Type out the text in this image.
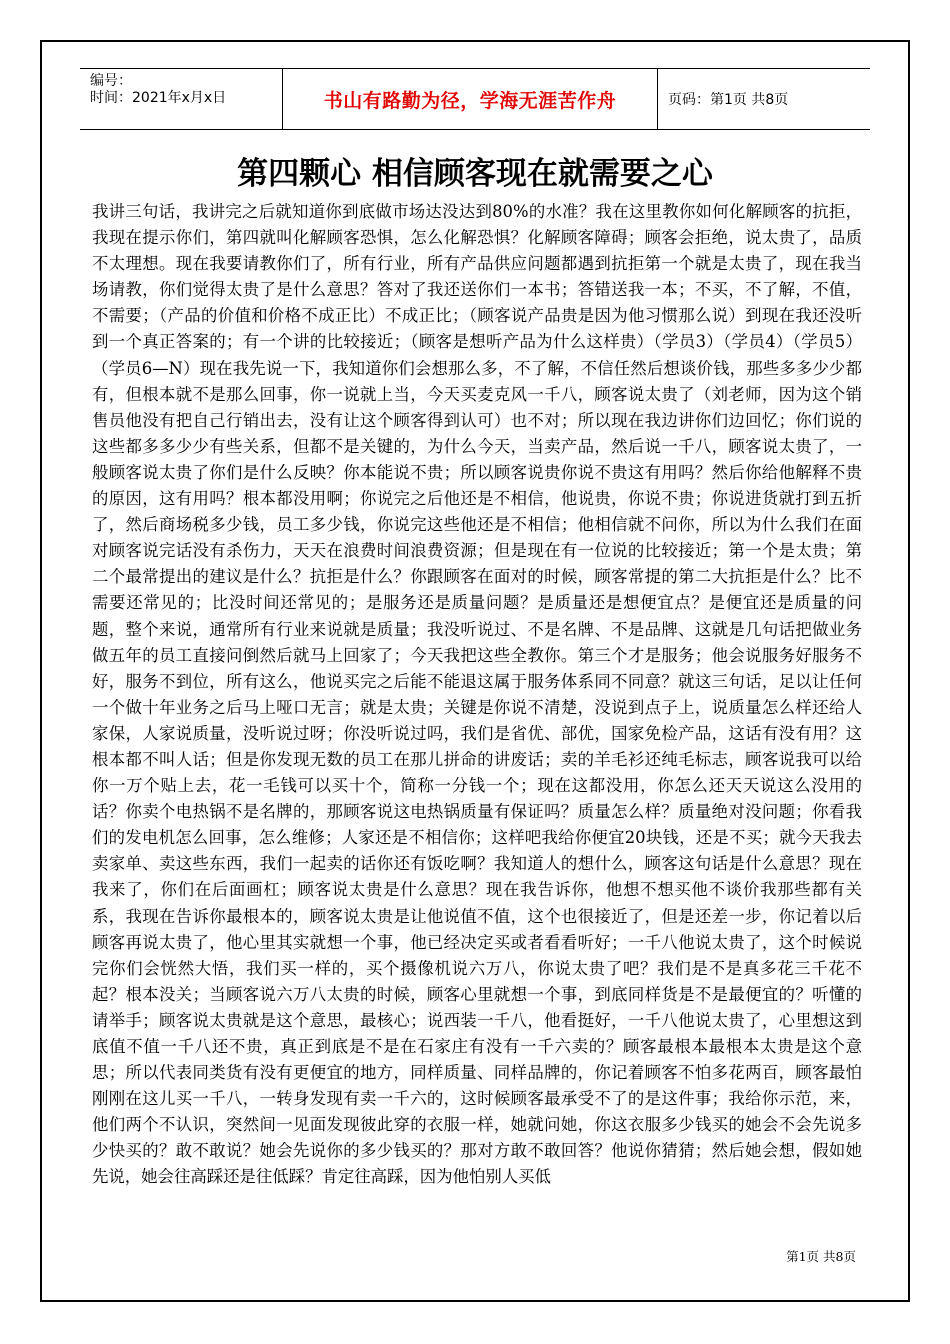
编号：
时间：2021年x月x日	书山有路勤为径，学海无涯苦作舟	页码：第1页 共8页
第四颗心 相信顾客现在就需要之心

我讲三句话，我讲完之后就知道你到底做市场达没达到80%的水准？我在这里教你如何化解顾客的抗拒，我现在提示你们，第四就叫化解顾客恐惧，怎么化解恐惧？化解顾客障碍；顾客会拒绝，说太贵了，品质不太理想。现在我要请教你们了，所有行业，所有产品供应问题都遇到抗拒第一个就是太贵了，现在我当场请教，你们觉得太贵了是什么意思？答对了我还送你们一本书；答错送我一本；不买，不了解，不值，不需要；（产品的价值和价格不成正比）不成正比；（顾客说产品贵是因为他习惯那么说）到现在我还没听到一个真正答案的；有一个讲的比较接近；（顾客是想听产品为什么这样贵）（学员3）（学员4）（学员5）（学员6—N）现在我先说一下，我知道你们会想那么多，不了解，不信任然后想谈价钱，那些多多少少都有，但根本就不是那么回事，你一说就上当，今天买麦克风一千八，顾客说太贵了（刘老师，因为这个销售员他没有把自己行销出去，没有让这个顾客得到认可）也不对；所以现在我边讲你们边回忆；你们说的这些都多多少少有些关系，但都不是关键的，为什么今天，当卖产品，然后说一千八，顾客说太贵了，一般顾客说太贵了你们是什么反映？你本能说不贵；所以顾客说贵你说不贵这有用吗？然后你给他解释不贵的原因，这有用吗？根本都没用啊；你说完之后他还是不相信，他说贵，你说不贵；你说进货就打到五折了，然后商场税多少钱，员工多少钱，你说完这些他还是不相信；他相信就不问你，所以为什么我们在面对顾客说完话没有杀伤力，天天在浪费时间浪费资源；但是现在有一位说的比较接近；第一个是太贵；第二个最常提出的建议是什么？抗拒是什么？你跟顾客在面对的时候，顾客常提的第二大抗拒是什么？比不需要还常见的；比没时间还常见的；是服务还是质量问题？是质量还是想便宜点？是便宜还是质量的问题，整个来说，通常所有行业来说就是质量；我没听说过、不是名牌、不是品牌、这就是几句话把做业务做五年的员工直接问倒然后就马上回家了；今天我把这些全教你。第三个才是服务；他会说服务好服务不好，服务不到位，所有这么，他说买完之后能不能退这属于服务体系同不同意？就这三句话，足以让任何一个做十年业务之后马上哑口无言；就是太贵；关键是你说不清楚，没说到点子上，说质量怎么样还给人家保，人家说质量，没听说过呀；你没听说过吗，我们是省优、部优，国家免检产品，这话有没有用？这根本都不叫人话；但是你发现无数的员工在那儿拼命的讲废话；卖的羊毛衫还纯毛标志，顾客说我可以给你一万个贴上去，花一毛钱可以买十个，简称一分钱一个；现在这都没用，你怎么还天天说这么没用的话？你卖个电热锅不是名牌的，那顾客说这电热锅质量有保证吗？质量怎么样？质量绝对没问题；你看我们的发电机怎么回事，怎么维修；人家还是不相信你；这样吧我给你便宜20块钱，还是不买；就今天我去卖家单、卖这些东西，我们一起卖的话你还有饭吃啊？我知道人的想什么，顾客这句话是什么意思？现在我来了，你们在后面画杠；顾客说太贵是什么意思？现在我告诉你，他想不想买他不谈价我那些都有关系，我现在告诉你最根本的，顾客说太贵是让他说值不值，这个也很接近了，但是还差一步，你记着以后顾客再说太贵了，他心里其实就想一个事，他已经决定买或者看看听好；一千八他说太贵了，这个时候说完你们会恍然大悟，我们买一样的，买个摄像机说六万八，你说太贵了吧？我们是不是真多花三千花不起？根本没关；当顾客说六万八太贵的时候，顾客心里就想一个事，到底同样货是不是最便宜的？听懂的请举手；顾客说太贵就是这个意思，最核心；说西装一千八，他看挺好，一千八他说太贵了，心里想这到底值不值一千八还不贵，真正到底是不是在石家庄有没有一千六卖的？顾客最根本最根本太贵是这个意思；所以代表同类货有没有更便宜的地方，同样质量、同样品牌的，你记着顾客不怕多花两百，顾客最怕刚刚在这儿买一千八，一转身发现有卖一千六的，这时候顾客最承受不了的是这件事；我给你示范，来，他们两个不认识，突然间一见面发现彼此穿的衣服一样，她就问她，你这衣服多少钱买的她会不会先说多少快买的？敢不敢说？她会先说你的多少钱买的？那对方敢不敢回答？他说你猜猜；然后她会想，假如她先说，她会往高踩还是往低踩？肯定往高踩，因为他怕别人买低

第1页 共8页
